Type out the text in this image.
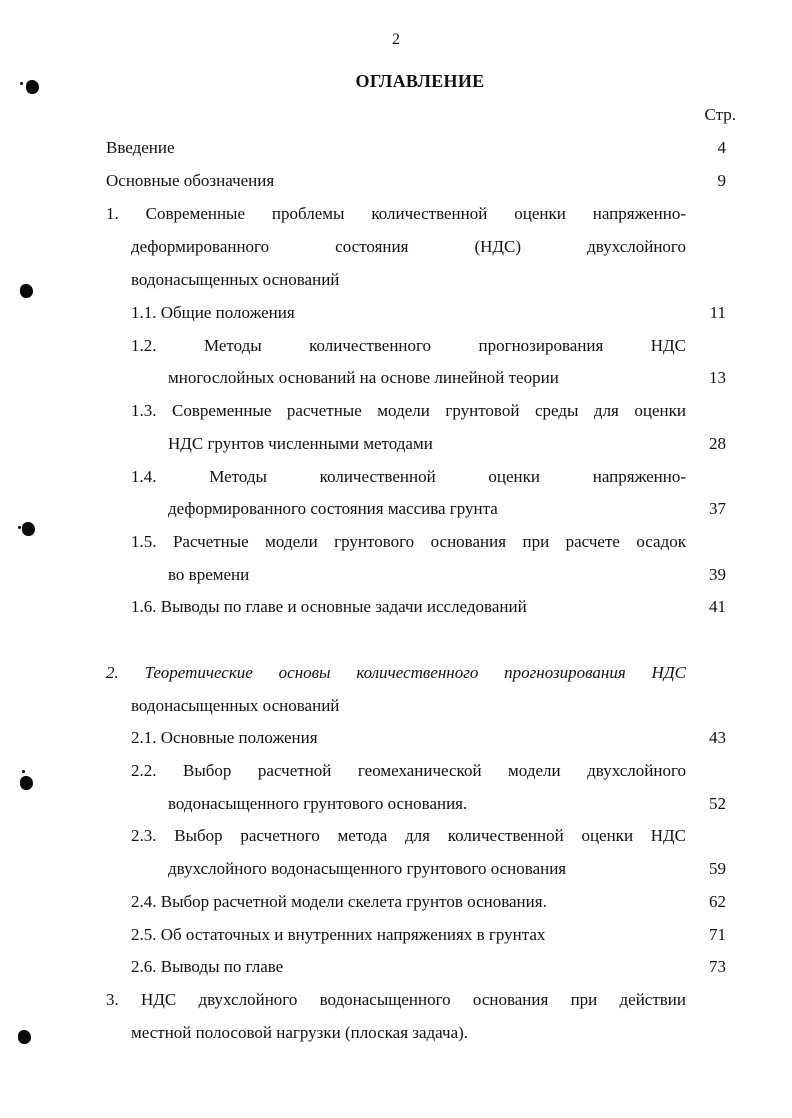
2
ОГЛАВЛЕНИЕ
Стр.
Введение	4
Основные обозначения	9
1. Современные проблемы количественной оценки напряженно-
деформированного состояния (НДС) двухслойного
водонасыщенных оснований
1.1. Общие положения	11
1.2. Методы количественного прогнозирования НДС
многослойных оснований на основе линейной теории	13
1.3. Современные расчетные модели грунтовой среды для оценки
НДС грунтов численными методами	28
1.4. Методы количественной оценки напряженно-
деформированного состояния массива грунта	37
1.5. Расчетные модели грунтового основания при расчете осадок
во времени	39
1.6. Выводы по главе и основные задачи исследований	41
2. Теоретические основы количественного прогнозирования НДС
водонасыщенных оснований
2.1. Основные положения	43
2.2. Выбор расчетной геомеханической модели двухслойного
водонасыщенного грунтового основания.	52
2.3. Выбор расчетного метода для количественной оценки НДС
двухслойного водонасыщенного грунтового основания	59
2.4. Выбор расчетной модели скелета грунтов основания.	62
2.5. Об остаточных и внутренних напряжениях в грунтах	71
2.6. Выводы по главе	73
3. НДС двухслойного водонасыщенного основания при действии
местной полосовой нагрузки (плоская задача).
